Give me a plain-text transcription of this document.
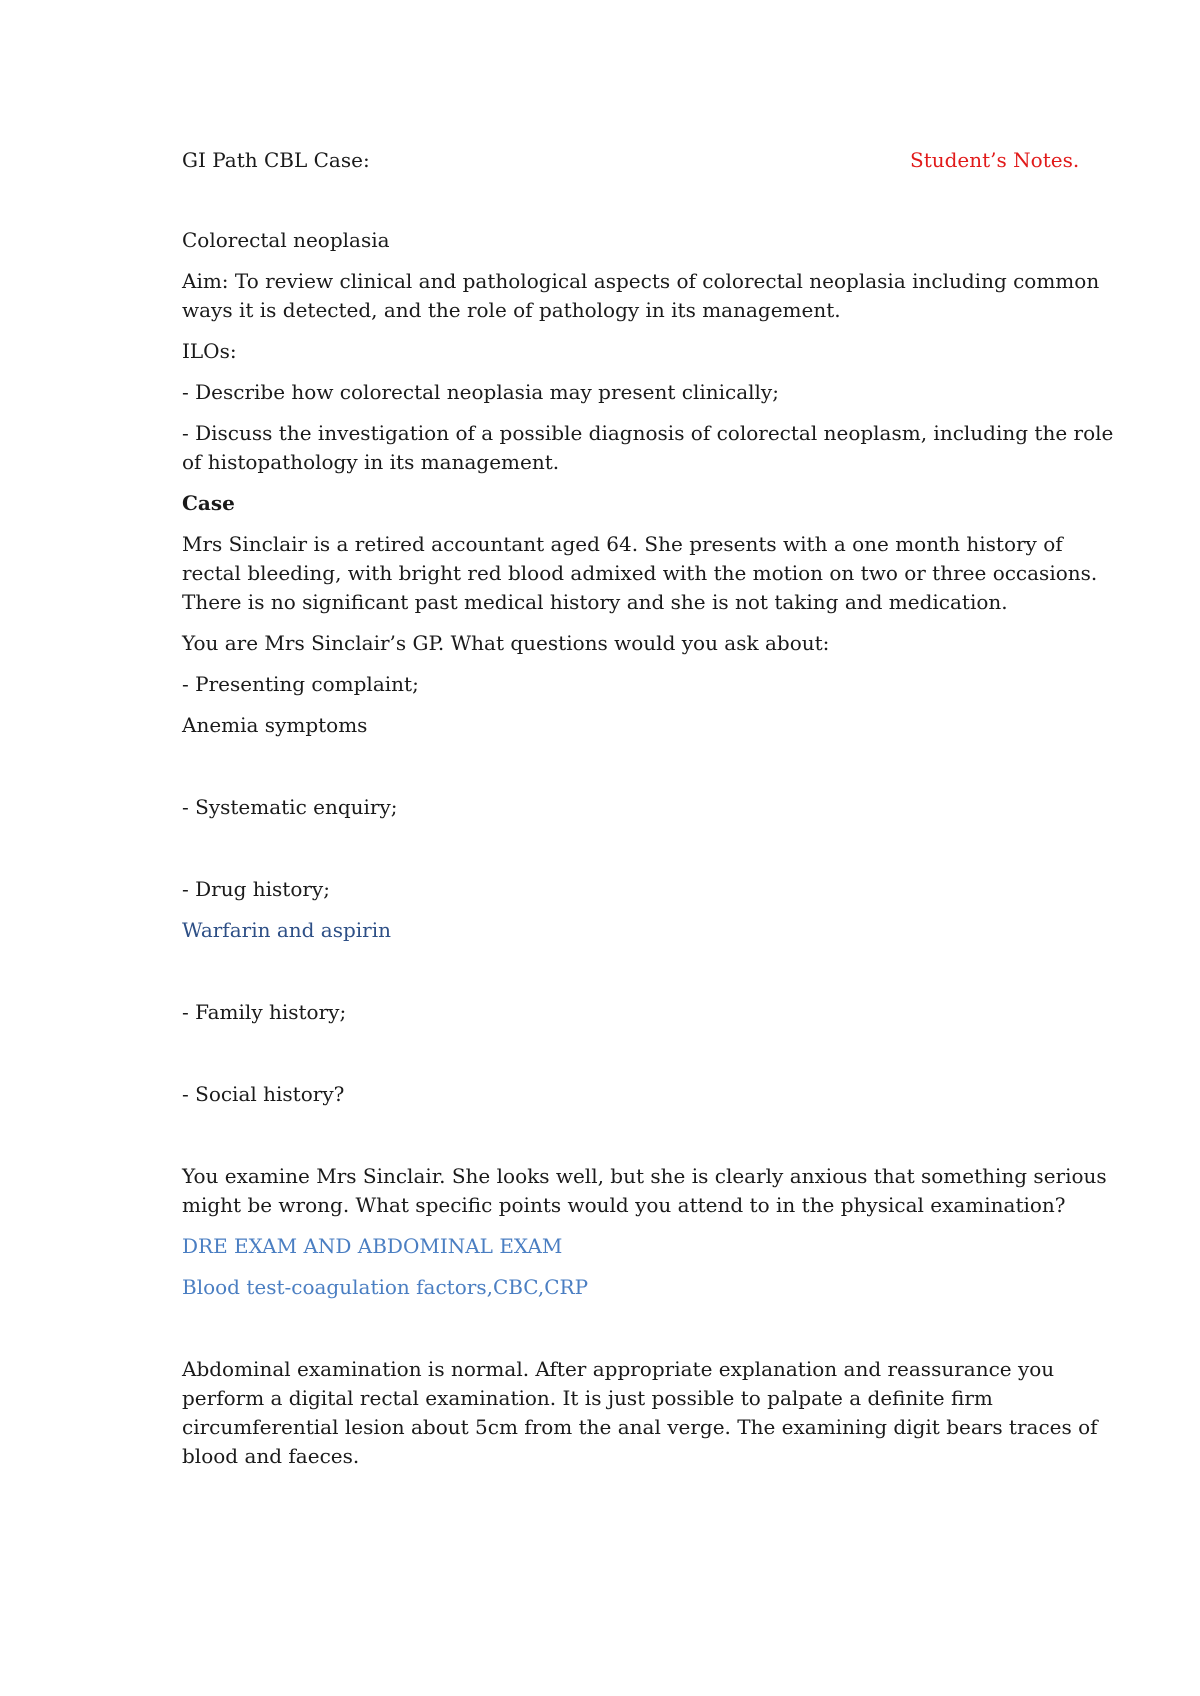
GI Path CBL Case:	Student’s Notes.

Colorectal neoplasia

Aim: To review clinical and pathological aspects of colorectal neoplasia including common ways it is detected, and the role of pathology in its management.

ILOs:

- Describe how colorectal neoplasia may present clinically;

- Discuss the investigation of a possible diagnosis of colorectal neoplasm, including the role of histopathology in its management.

Case

Mrs Sinclair is a retired accountant aged 64. She presents with a one month history of rectal bleeding, with bright red blood admixed with the motion on two or three occasions. There is no significant past medical history and she is not taking and medication.

You are Mrs Sinclair’s GP. What questions would you ask about:

- Presenting complaint;

Anemia symptoms

- Systematic enquiry;

- Drug history;

Warfarin and aspirin

- Family history;

- Social history?

You examine Mrs Sinclair. She looks well, but she is clearly anxious that something serious might be wrong. What specific points would you attend to in the physical examination?

DRE EXAM AND ABDOMINAL EXAM

Blood test-coagulation factors,CBC,CRP

Abdominal examination is normal. After appropriate explanation and reassurance you perform a digital rectal examination. It is just possible to palpate a definite firm circumferential lesion about 5cm from the anal verge. The examining digit bears traces of blood and faeces.
